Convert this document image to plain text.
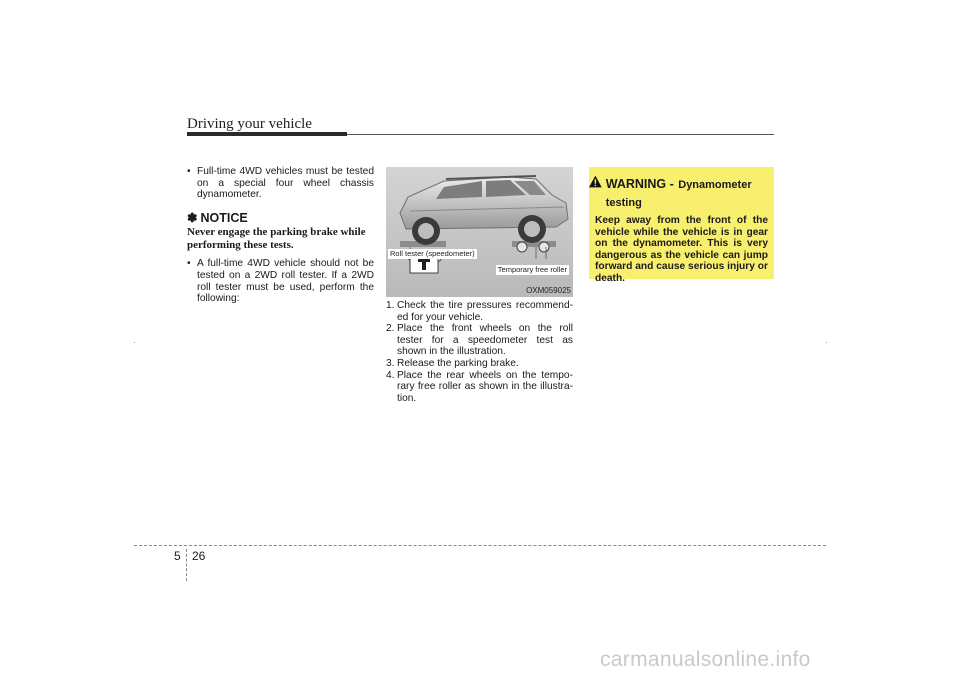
Driving your vehicle
• Full-time 4WD vehicles must be tested on a special four wheel chassis dynamometer.
✽ NOTICE
Never engage the parking brake while performing these tests.
• A full-time 4WD vehicle should not be tested on a 2WD roll tester. If a 2WD roll tester must be used, perform the following:
Roll tester (speedometer)
Temporary free roller
OXM059025
1. Check the tire pressures recommend-ed for your vehicle.
2. Place the front wheels on the roll tester for a speedometer test as shown in the illustration.
3. Release the parking brake.
4. Place the rear wheels on the tempo-rary free roller as shown in the illustra-tion.
WARNING - Dynamometer testing
Keep away from the front of the vehicle while the vehicle is in gear on the dynamometer. This is very dangerous as the vehicle can jump forward and cause serious injury or death.
5 26
carmanualsonline.info
